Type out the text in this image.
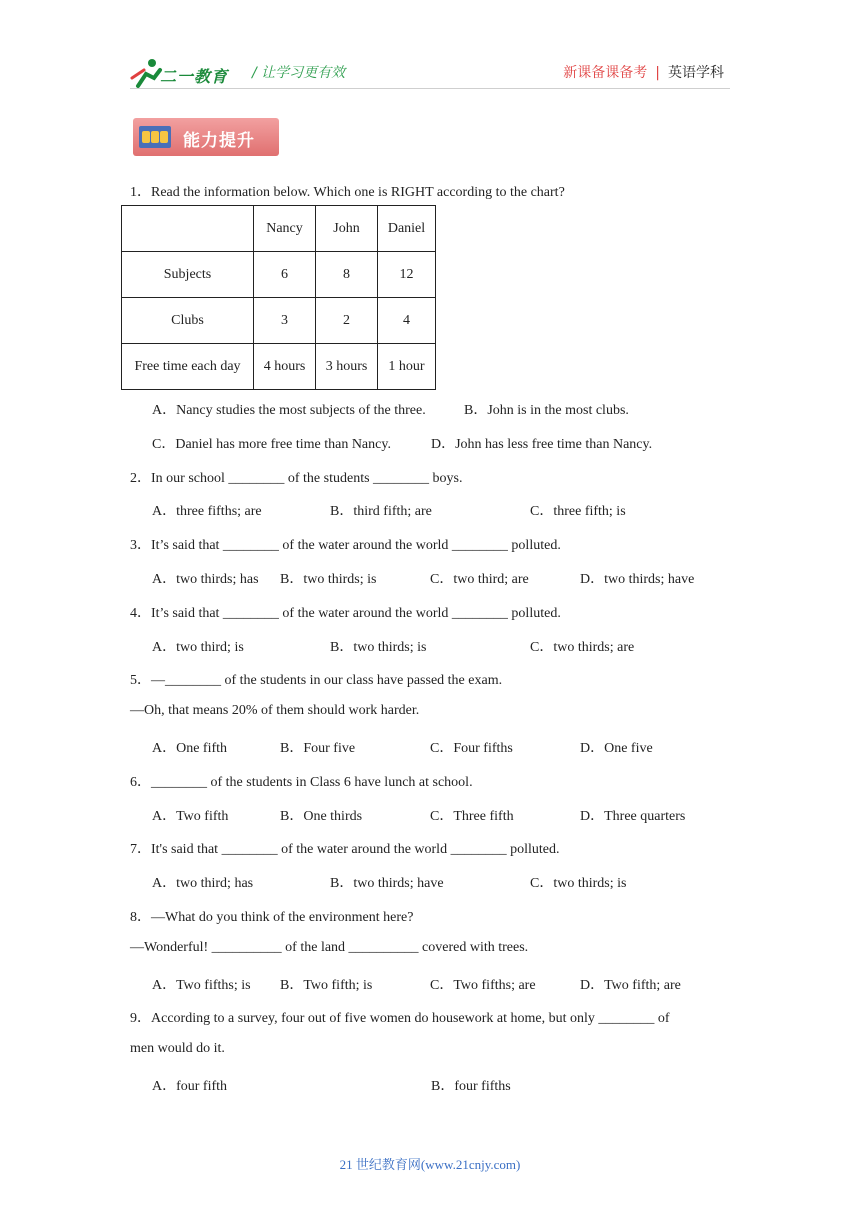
二一教育 / 让学习更有效	新课备课备考 | 英语学科
能力提升
1．Read the information below. Which one is RIGHT according to the chart?
	Nancy	John	Daniel
Subjects	6	8	12
Clubs	3	2	4
Free time each day	4 hours	3 hours	1 hour
A．Nancy studies the most subjects of the three.	B．John is in the most clubs.
C．Daniel has more free time than Nancy.	D．John has less free time than Nancy.
2．In our school ________ of the students ________ boys.
A．three fifths; are	B．third fifth; are	C．three fifth; is
3．It’s said that ________ of the water around the world ________ polluted.
A．two thirds; has B．two thirds; is	C．two third; are	D．two thirds; have
4．It’s said that ________ of the water around the world ________ polluted.
A．two third; is	B．two thirds; is	C．two thirds; are
5．—________ of the students in our class have passed the exam.
—Oh, that means 20% of them should work harder.
A．One fifth	B．Four five	C．Four fifths	D．One five
6．________ of the students in Class 6 have lunch at school.
A．Two fifth	B．One thirds	C．Three fifth	D．Three quarters
7．It's said that ________ of the water around the world ________ polluted.
A．two third; has	B．two thirds; have	C．two thirds; is
8．—What do you think of the environment here?
—Wonderful! __________ of the land __________ covered with trees.
A．Two fifths; is B．Two fifth; is	C．Two fifths; are	D．Two fifth; are
9．According to a survey, four out of five women do housework at home, but only ________ of
men would do it.
A．four fifth	B．four fifths
21 世纪教育网(www.21cnjy.com)
